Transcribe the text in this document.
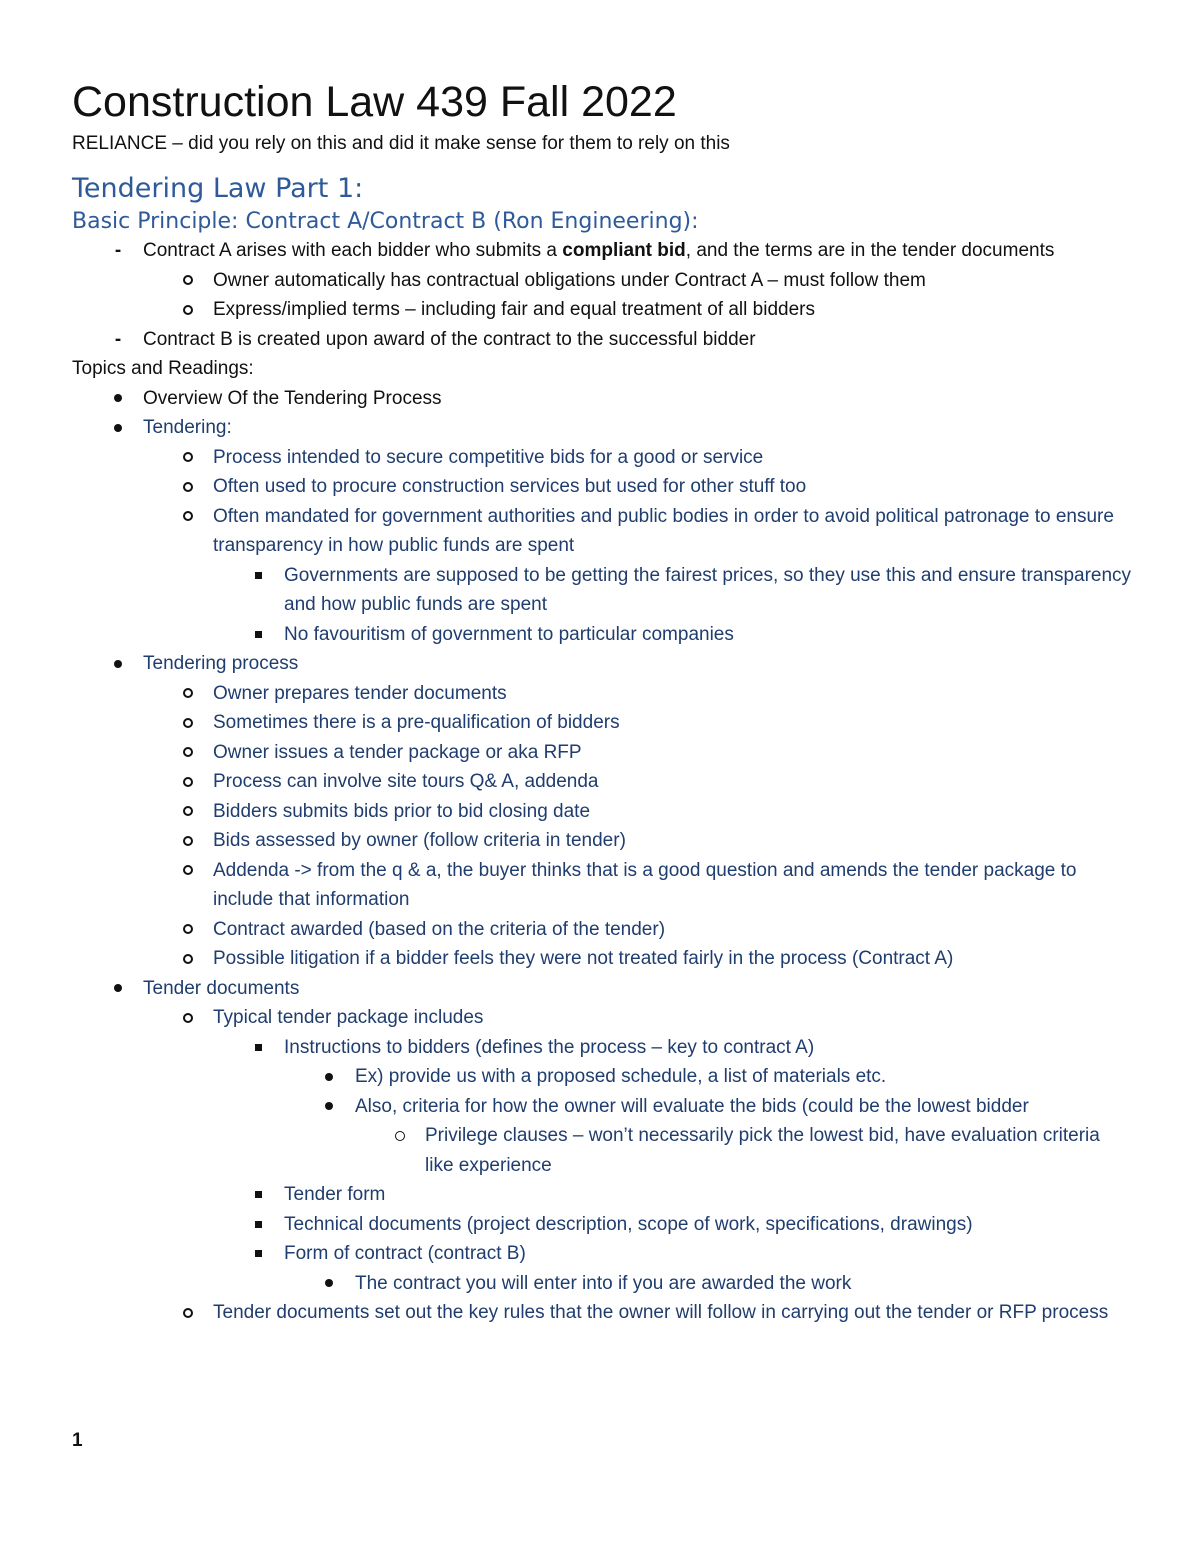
Construction Law 439 Fall 2022
RELIANCE – did you rely on this and did it make sense for them to rely on this
Tendering Law Part 1:
Basic Principle: Contract A/Contract B (Ron Engineering):
-
Contract A arises with each bidder who submits a compliant bid, and the terms are in the tender documents
Owner automatically has contractual obligations under Contract A – must follow them
Express/implied terms – including fair and equal treatment of all bidders
-
Contract B is created upon award of the contract to the successful bidder
Topics and Readings:
Overview Of the Tendering Process
Tendering:
Process intended to secure competitive bids for a good or service
Often used to procure construction services but used for other stuff too
Often mandated for government authorities and public bodies in order to avoid political patronage to ensure transparency in how public funds are spent
Governments are supposed to be getting the fairest prices, so they use this and ensure transparency and how public funds are spent
No favouritism of government to particular companies
Tendering process
Owner prepares tender documents
Sometimes there is a pre-qualification of bidders
Owner issues a tender package or aka RFP
Process can involve site tours Q& A, addenda
Bidders submits bids prior to bid closing date
Bids assessed by owner (follow criteria in tender)
Addenda -> from the q & a, the buyer thinks that is a good question and amends the tender package to include that information
Contract awarded (based on the criteria of the tender)
Possible litigation if a bidder feels they were not treated fairly in the process (Contract A)
Tender documents
Typical tender package includes
Instructions to bidders (defines the process – key to contract A)
Ex) provide us with a proposed schedule, a list of materials etc.
Also, criteria for how the owner will evaluate the bids (could be the lowest bidder
Privilege clauses – won’t necessarily pick the lowest bid, have evaluation criteria like experience
Tender form
Technical documents (project description, scope of work, specifications, drawings)
Form of contract (contract B)
The contract you will enter into if you are awarded the work
Tender documents set out the key rules that the owner will follow in carrying out the tender or RFP process
1
